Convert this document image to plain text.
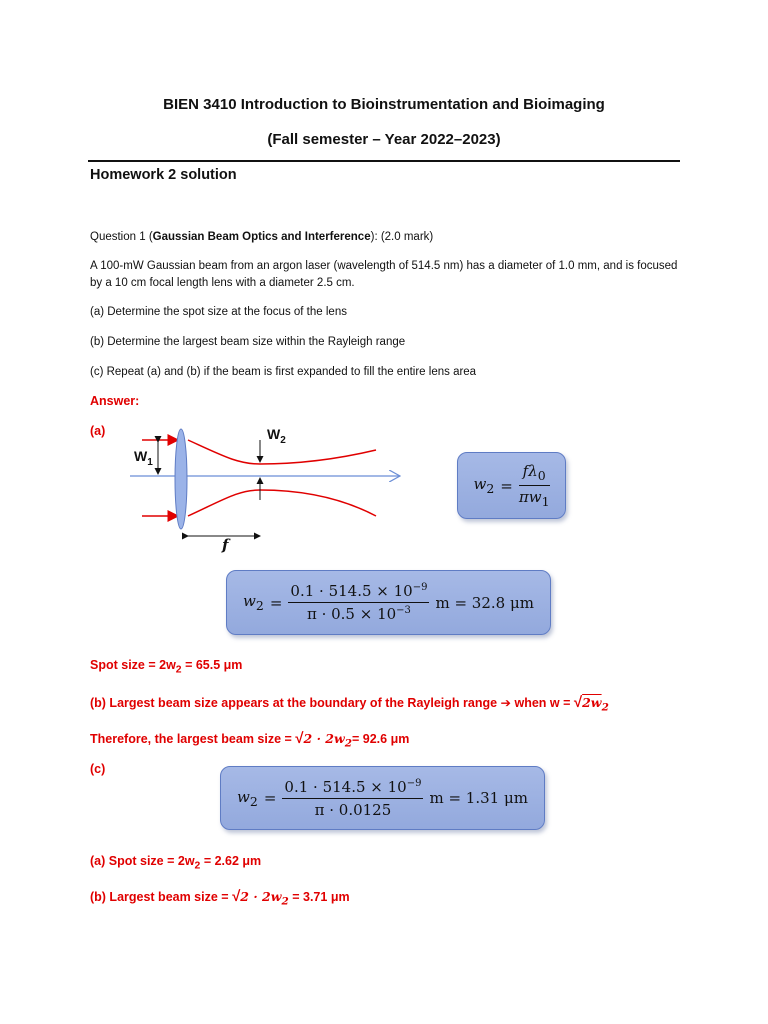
BIEN 3410 Introduction to Bioinstrumentation and Bioimaging
(Fall semester – Year 2022–2023)
Homework 2 solution
Question 1 (Gaussian Beam Optics and Interference): (2.0 mark)
A 100-mW Gaussian beam from an argon laser (wavelength of 514.5 nm) has a diameter of 1.0 mm, and is focused by a 10 cm focal length lens with a diameter 2.5 cm.
(a) Determine the spot size at the focus of the lens
(b) Determine the largest beam size within the Rayleigh range
(c) Repeat (a) and (b) if the beam is first expanded to fill the entire lens area
Answer:
(a)
$W_1$
$W_2$
f
$w_2 = \frac{f\lambda_0}{\pi w_1}$
$w_2 = \frac{0.1 \cdot 514.5 \times 10^{-9}}{\pi \cdot 0.5 \times 10^{-3}}$ m = 32.8 μm
Spot size = $2w_2 = 65.5$ μm
(b) Largest beam size appears at the boundary of the Rayleigh range ➔ when $w = √2w_2$
Therefore, the largest beam size = $√2 \cdot 2w_2= 92.6$ μm
(c)
$w_2 = \frac{0.1 \cdot 514.5 \times 10^{-9}}{\pi \cdot 0.0125}$ m = 1.31 μm
(a) Spot size = $2w_2 = 2.62$ μm
(b) Largest beam size = $√2 \cdot 2w_2 = 3.71$ μm
